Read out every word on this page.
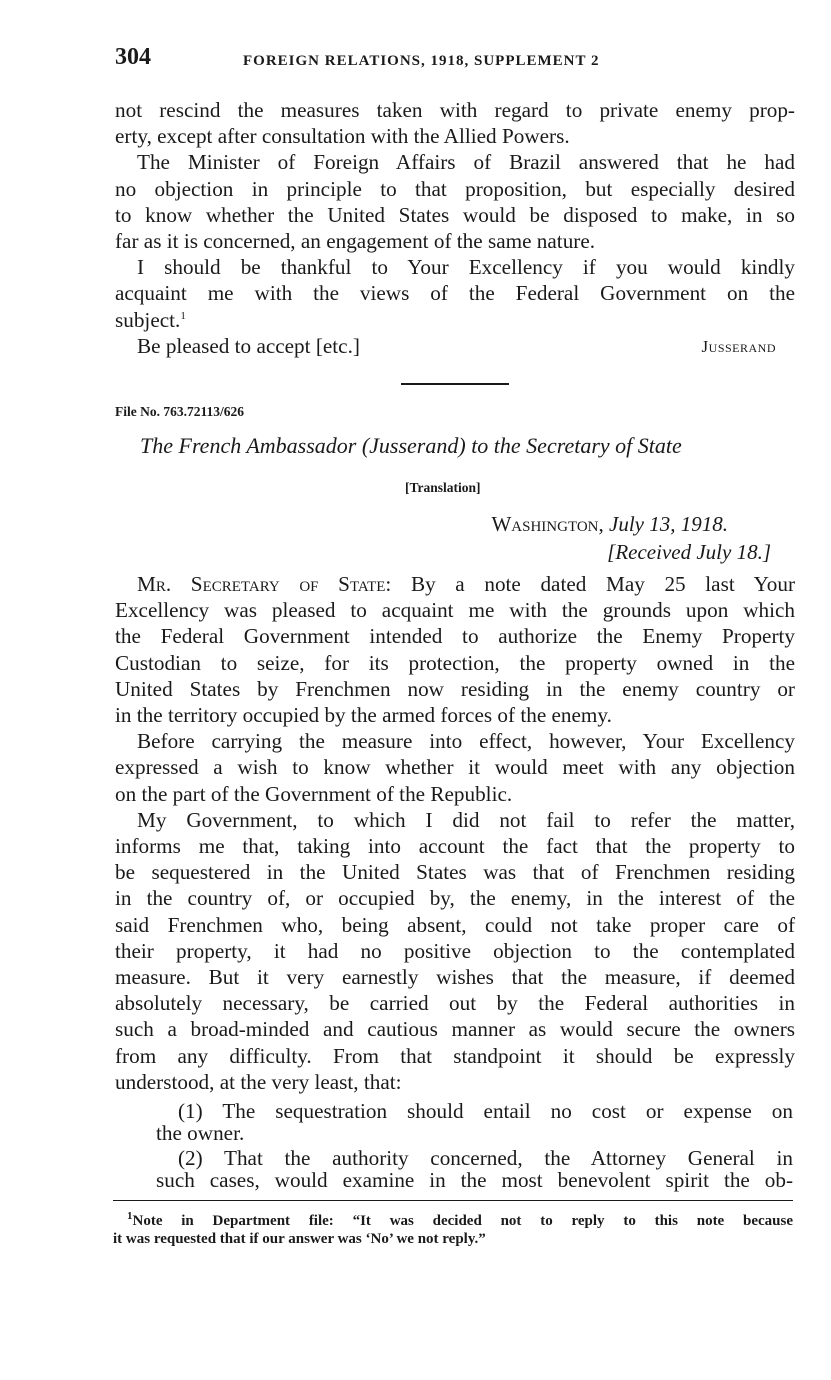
304	FOREIGN RELATIONS, 1918, SUPPLEMENT 2
not rescind the measures taken with regard to private enemy prop-
erty, except after consultation with the Allied Powers.
The Minister of Foreign Affairs of Brazil answered that he had
no objection in principle to that proposition, but especially desired
to know whether the United States would be disposed to make, in so
far as it is concerned, an engagement of the same nature.
I should be thankful to Your Excellency if you would kindly
acquaint me with the views of the Federal Government on the
subject.$^1$
Be pleased to accept [etc.]	Jusserand
File No. 763.72113/626
The French Ambassador (Jusserand) to the Secretary of State
[Translation]
Washington, July 13, 1918.
[Received July 18.]
Mr. Secretary of State: By a note dated May 25 last Your
Excellency was pleased to acquaint me with the grounds upon which
the Federal Government intended to authorize the Enemy Property
Custodian to seize, for its protection, the property owned in the
United States by Frenchmen now residing in the enemy country or
in the territory occupied by the armed forces of the enemy.
Before carrying the measure into effect, however, Your Excellency
expressed a wish to know whether it would meet with any objection
on the part of the Government of the Republic.
My Government, to which I did not fail to refer the matter,
informs me that, taking into account the fact that the property to
be sequestered in the United States was that of Frenchmen residing
in the country of, or occupied by, the enemy, in the interest of the
said Frenchmen who, being absent, could not take proper care of
their property, it had no positive objection to the contemplated
measure. But it very earnestly wishes that the measure, if deemed
absolutely necessary, be carried out by the Federal authorities in
such a broad-minded and cautious manner as would secure the owners
from any difficulty. From that standpoint it should be expressly
understood, at the very least, that:
(1) The sequestration should entail no cost or expense on
the owner.
(2) That the authority concerned, the Attorney General in
such cases, would examine in the most benevolent spirit the ob-
$^1$Note in Department file: “It was decided not to reply to this note because
it was requested that if our answer was ‘No’ we not reply.”
